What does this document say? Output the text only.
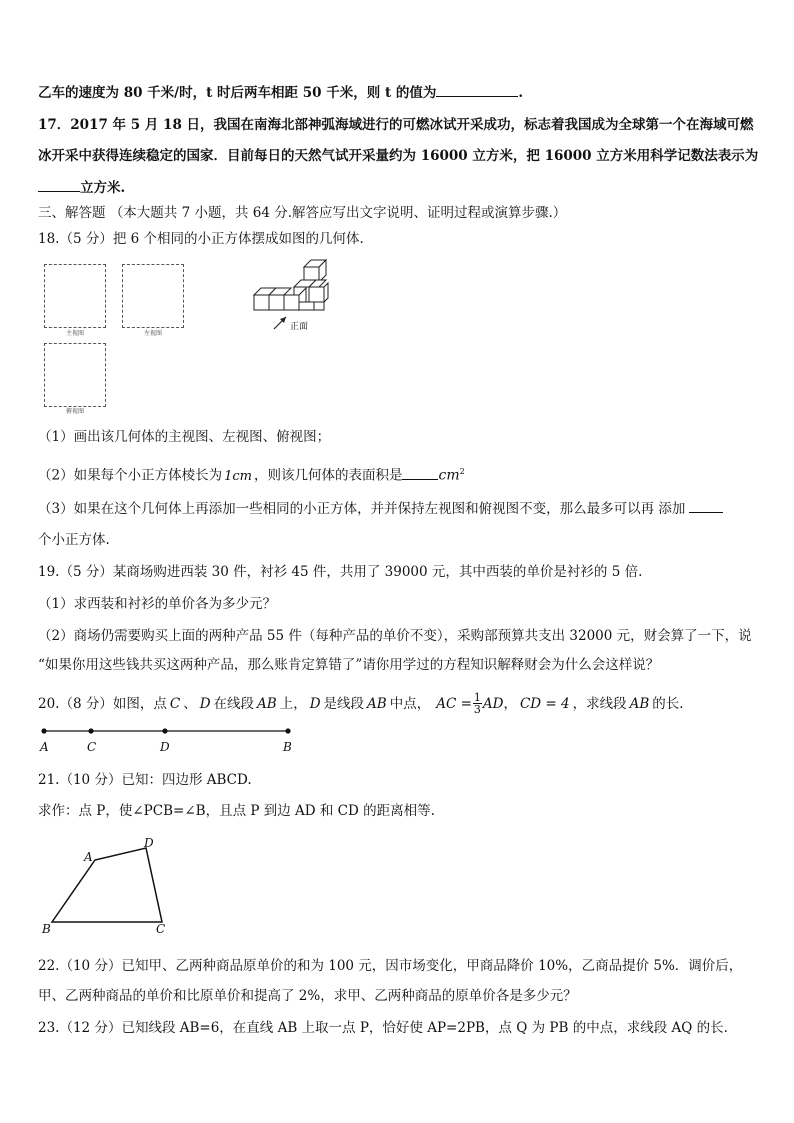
乙车的速度为 80 千米/时，t 时后两车相距 50 千米，则 t 的值为	.
17．2017 年 5 月 18 日，我国在南海北部神弧海域进行的可燃冰试开采成功，标志着我国成为全球第一个在海域可燃
冰开采中获得连续稳定的国家．目前每日的天然气试开采量约为 16000 立方米，把 16000 立方米用科学记数法表示为
立方米.
三、解答题 （本大题共 7 小题，共 64 分.解答应写出文字说明、证明过程或演算步骤.）
18.（5 分）把 6 个相同的小正方体摆成如图的几何体.
主视图	左视图
俯视图
正面
（1）画出该几何体的主视图、左视图、俯视图；
（2）如果每个小正方体棱长为 1cm ，则该几何体的表面积是	$cm^2$
（3）如果在这个几何体上再添加一些相同的小正方体，并并保持左视图和俯视图不变，那么最多可以再 添加
个小正方体.
19.（5 分）某商场购进西装 30 件，衬衫 45 件，共用了 39000 元，其中西装的单价是衬衫的 5 倍.
（1）求西装和衬衫的单价各为多少元？
（2）商场仍需要购买上面的两种产品 55 件（每种产品的单价不变），采购部预算共支出 32000 元，财会算了一下，说
“如果你用这些钱共买这两种产品，那么账肯定算错了”请你用学过的方程知识解释财会为什么会这样说？
20.（8 分）如图，点 C 、 D 在线段 AB 上， D 是线段 AB 中点， AC = $\frac{1}{3}$ AD ， CD = 4 ，求线段 AB 的长.
A	C	D	B
21.（10 分）已知：四边形 ABCD.
求作：点 P，使∠PCB=∠B，且点 P 到边 AD 和 CD 的距离相等.
A
B	C
D
22.（10 分）已知甲、乙两种商品原单价的和为 100 元，因市场变化，甲商品降价 10%，乙商品提价 5%．调价后，
甲、乙两种商品的单价和比原单价和提高了 2%，求甲、乙两种商品的原单价各是多少元？
23.（12 分）已知线段 AB=6，在直线 AB 上取一点 P，恰好使 AP=2PB，点 Q 为 PB 的中点，求线段 AQ 的长.
